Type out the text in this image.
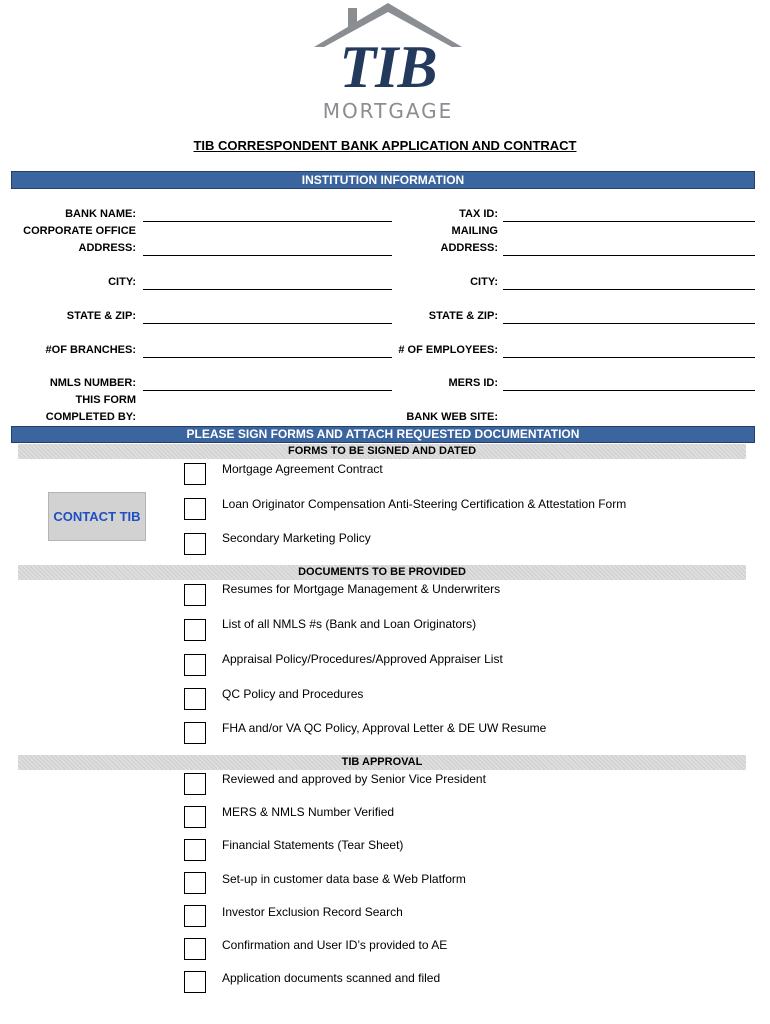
TIB
MORTGAGE
TIB CORRESPONDENT BANK APPLICATION AND CONTRACT
INSTITUTION INFORMATION
BANK NAME:
CORPORATE OFFICE
ADDRESS:
CITY:
STATE & ZIP:
#OF BRANCHES:
NMLS NUMBER:
THIS FORM
COMPLETED BY:
TAX ID:
MAILING
ADDRESS:
CITY:
STATE & ZIP:
# OF EMPLOYEES:
MERS ID:
BANK WEB SITE:
PLEASE SIGN FORMS AND ATTACH REQUESTED DOCUMENTATION
FORMS TO BE SIGNED AND DATED
CONTACT TIB
Mortgage Agreement Contract
Loan Originator Compensation Anti-Steering Certification & Attestation Form
Secondary Marketing Policy
DOCUMENTS TO BE PROVIDED
Resumes for Mortgage Management & Underwriters
List of all NMLS #s (Bank and Loan Originators)
Appraisal Policy/Procedures/Approved Appraiser List
QC Policy and Procedures
FHA and/or VA QC Policy, Approval Letter & DE UW Resume
TIB APPROVAL
Reviewed and approved by Senior Vice President
MERS & NMLS Number Verified
Financial Statements (Tear Sheet)
Set-up in customer data base & Web Platform
Investor Exclusion Record Search
Confirmation and User ID’s provided to AE
Application documents scanned and filed
